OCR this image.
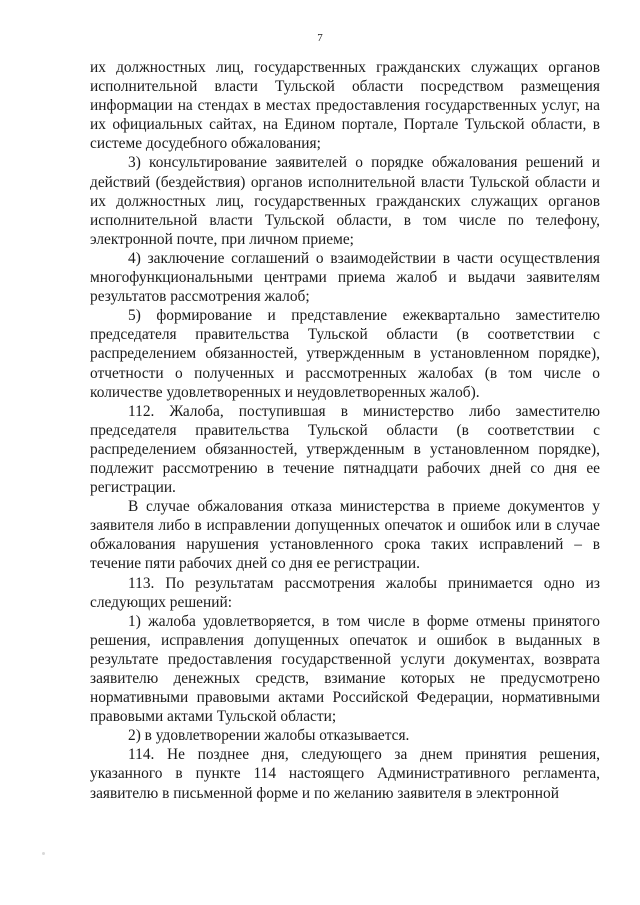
7

их должностных лиц, государственных гражданских служащих органов исполнительной власти Тульской области посредством размещения информации на стендах в местах предоставления государственных услуг, на их официальных сайтах, на Едином портале, Портале Тульской области, в системе досудебного обжалования;

3) консультирование заявителей о порядке обжалования решений и действий (бездействия) органов исполнительной власти Тульской области и их должностных лиц, государственных гражданских служащих органов исполнительной власти Тульской области, в том числе по телефону, электронной почте, при личном приеме;

4) заключение соглашений о взаимодействии в части осуществления многофункциональными центрами приема жалоб и выдачи заявителям результатов рассмотрения жалоб;

5) формирование и представление ежеквартально заместителю председателя правительства Тульской области (в соответствии с распределением обязанностей, утвержденным в установленном порядке), отчетности о полученных и рассмотренных жалобах (в том числе о количестве удовлетворенных и неудовлетворенных жалоб).

112. Жалоба, поступившая в министерство либо заместителю председателя правительства Тульской области (в соответствии с распределением обязанностей, утвержденным в установленном порядке), подлежит рассмотрению в течение пятнадцати рабочих дней со дня ее регистрации.

В случае обжалования отказа министерства в приеме документов у заявителя либо в исправлении допущенных опечаток и ошибок или в случае обжалования нарушения установленного срока таких исправлений – в течение пяти рабочих дней со дня ее регистрации.

113. По результатам рассмотрения жалобы принимается одно из следующих решений:

1) жалоба удовлетворяется, в том числе в форме отмены принятого решения, исправления допущенных опечаток и ошибок в выданных в результате предоставления государственной услуги документах, возврата заявителю денежных средств, взимание которых не предусмотрено нормативными правовыми актами Российской Федерации, нормативными правовыми актами Тульской области;

2) в удовлетворении жалобы отказывается.

114. Не позднее дня, следующего за днем принятия решения, указанного в пункте 114 настоящего Административного регламента, заявителю в письменной форме и по желанию заявителя в электронной
